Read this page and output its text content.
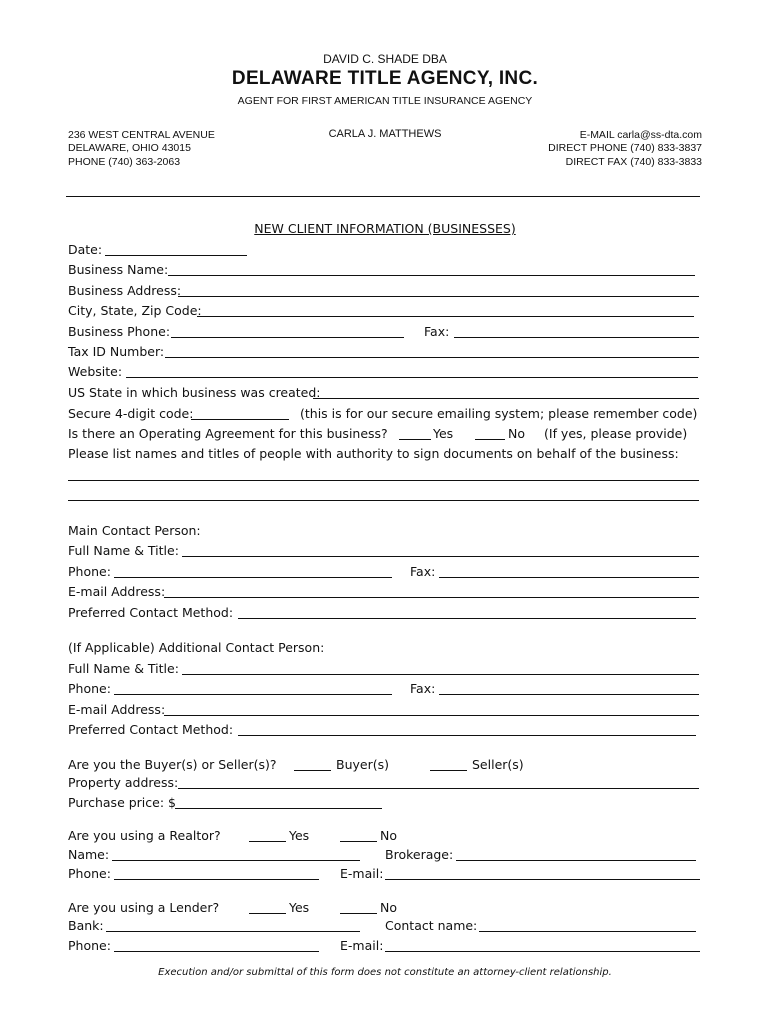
DAVID C. SHADE DBA
DELAWARE TITLE AGENCY, INC.
AGENT FOR FIRST AMERICAN TITLE INSURANCE AGENCY
236 WEST CENTRAL AVENUE
DELAWARE, OHIO 43015
PHONE (740) 363-2063
CARLA J. MATTHEWS	E-MAIL carla@ss-dta.com
DIRECT PHONE (740) 833-3837
DIRECT FAX (740) 833-3833
NEW CLIENT INFORMATION (BUSINESSES)
Date:
Business Name:
Business Address:
City, State, Zip Code:
Business Phone:	Fax:
Tax ID Number:
Website:
US State in which business was created:
Secure 4-digit code:	(this is for our secure emailing system; please remember code)
Is there an Operating Agreement for this business?	Yes	No (If yes, please provide)
Please list names and titles of people with authority to sign documents on behalf of the business:
Main Contact Person:
Full Name & Title:
Phone:	Fax:
E-mail Address:
Preferred Contact Method:
(If Applicable) Additional Contact Person:
Full Name & Title:
Phone:	Fax:
E-mail Address:
Preferred Contact Method:
Are you the Buyer(s) or Seller(s)?	Buyer(s)	Seller(s)
Property address:
Purchase price: $
Are you using a Realtor?	Yes	No
Name:	Brokerage:
Phone:	E-mail:
Are you using a Lender?	Yes	No
Bank:	Contact name:
Phone:	E-mail:
Execution and/or submittal of this form does not constitute an attorney-client relationship.
